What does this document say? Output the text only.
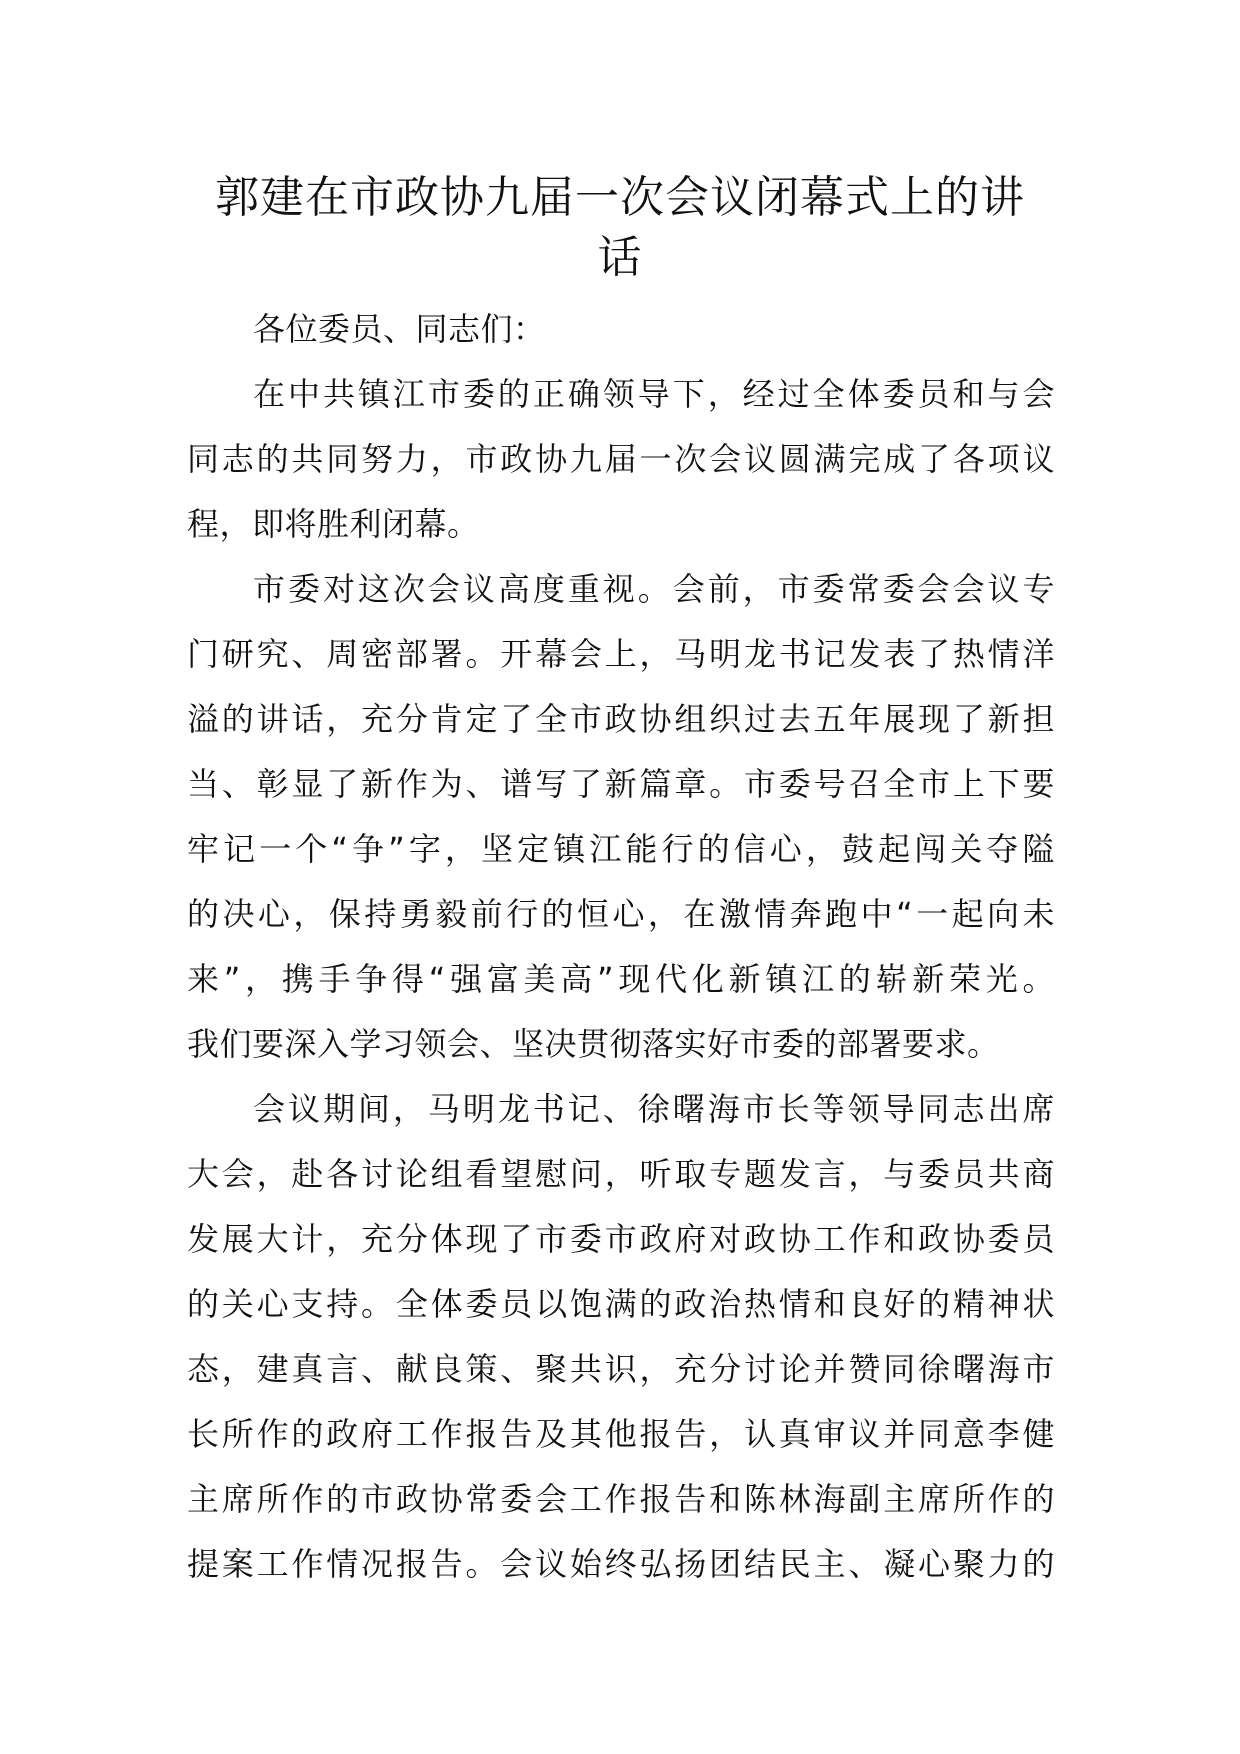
郭建在市政协九届一次会议闭幕式上的讲
话
各位委员、同志们：
在中共镇江市委的正确领导下，经过全体委员和与会
同志的共同努力，市政协九届一次会议圆满完成了各项议
程，即将胜利闭幕。
市委对这次会议高度重视。会前，市委常委会会议专
门研究、周密部署。开幕会上，马明龙书记发表了热情洋
溢的讲话，充分肯定了全市政协组织过去五年展现了新担
当、彰显了新作为、谱写了新篇章。市委号召全市上下要
牢记一个“争”字，坚定镇江能行的信心，鼓起闯关夺隘
的决心，保持勇毅前行的恒心，在激情奔跑中“一起向未
来”，携手争得“强富美高”现代化新镇江的崭新荣光。
我们要深入学习领会、坚决贯彻落实好市委的部署要求。
会议期间，马明龙书记、徐曙海市长等领导同志出席
大会，赴各讨论组看望慰问，听取专题发言，与委员共商
发展大计，充分体现了市委市政府对政协工作和政协委员
的关心支持。全体委员以饱满的政治热情和良好的精神状
态，建真言、献良策、聚共识，充分讨论并赞同徐曙海市
长所作的政府工作报告及其他报告，认真审议并同意李健
主席所作的市政协常委会工作报告和陈林海副主席所作的
提案工作情况报告。会议始终弘扬团结民主、凝心聚力的
